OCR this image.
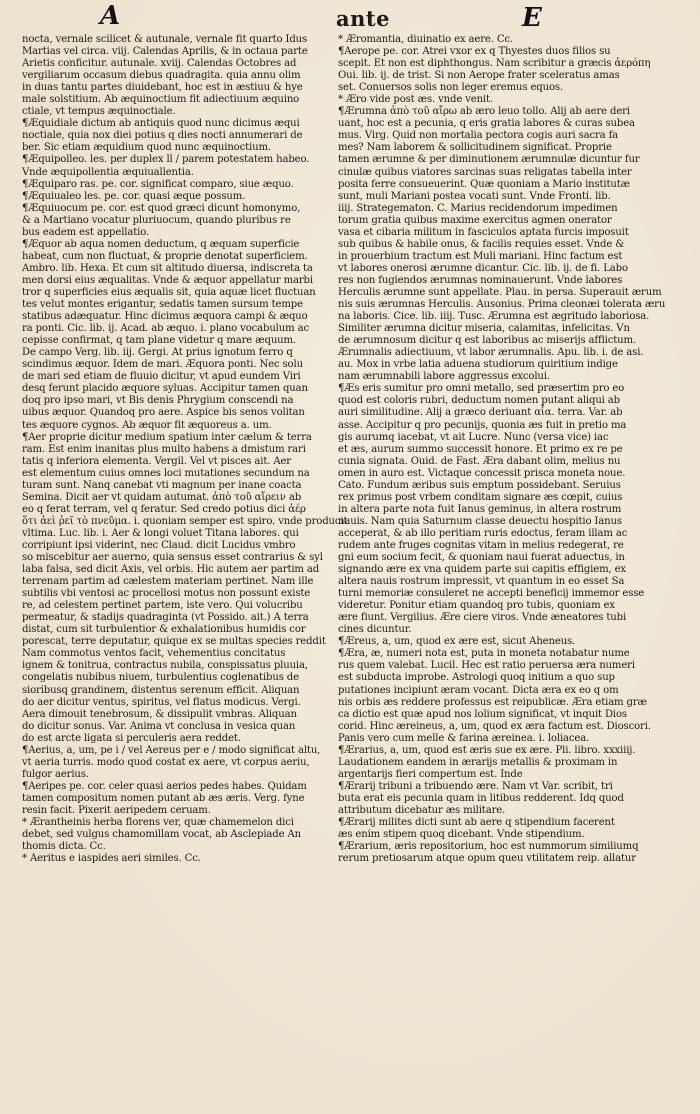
A	ante	E
nocta, vernale scilicet & autunale, vernale fit quarto Idus
Martias vel circa. viij. Calendas Aprilis, & in octaua parte
Arietis conficitur. autunale. xviij. Calendas Octobres ad
vergiliarum occasum diebus quadragita. quia annu olim
in duas tantu partes diuidebant, hoc est in æstiuu & hye
male solstitium. Ab æquinoctium fit adiectiuum æquino
ctiale, vt tempus æquinoctiale.
¶Æquidiale dictum ab antiquis quod nunc dicimus æqui
noctiale, quia nox diei potius q dies nocti annumerari de
ber. Sic etiam æquidium quod nunc æquinoctium.
¶Æquipolleo. les. per duplex ll / parem potestatem habeo.
Vnde æquipollentia æquiuallentia.
¶Æquiparo ras. pe. cor. significat comparo, siue æquo.
¶Æquiualeo les. pe. cor. quasi æque possum.
¶Æquiuocum pe. cor. est quod græci dicunt homonymo,
& a Martiano vocatur pluriuocum, quando pluribus re
bus eadem est appellatio.
¶Æquor ab aqua nomen deductum, q æquam superficie
habeat, cum non fluctuat, & proprie denotat superficiem.
Ambro. lib. Hexa. Et cum sit altitudo diuersa, indiscreta ta
men dorsi eius æqualitas. Vnde & æquor appellatur marbi
tror q superficies eius æqualis sit, quia aquæ licet fluctuan
tes velut montes erigantur, sedatis tamen sursum tempe
statibus adæquatur. Hinc dicimus æquora campi & æquo
ra ponti. Cic. lib. ij. Acad. ab æquo. i. plano vocabulum ac
cepisse confirmat, q tam plane videtur q mare æquum.
De campo Verg. lib. iij. Gergi. At prius ignotum ferro q
scindimus æquor. Idem de mari. Æquora ponti. Nec solu
de mari sed etiam de fluuio dicitur, vt apud eundem Viri
desq ferunt placido æquore syluas. Accipitur tamen quan
doq pro ipso mari, vt Bis denis Phrygium conscendi na
uibus æquor. Quandoq pro aere. Aspice bis senos volitan
tes æquore cygnos. Ab æquor fit æquoreus a. um.
¶Aer proprie dicitur medium spatium inter cælum & terra
ram. Est enim inanitas plus multo habens a dmistum rari
tatis q inferiora elementa. Vergil. Vel vt pisces ait. Aer
est elementum cuius omnes loci mutationes secundum na
turam sunt. Nanq canebat vti magnum per inane coacta
Semina. Dicit aer vt quidam autumat. ἀπὸ τοῦ αἴρειν ab
eo q ferat terram, vel q feratur. Sed credo potius dici ἀέρ
ὅτι ἀεὶ ῥεῖ τὸ πνεῦμα. i. quoniam semper est spiro. vnde producit
vltima. Luc. lib. i. Aer & longi voluet Titana labores. qui
corripiunt ipsi viderint, nec Claud. dicit Lucidus vmbro
so miscebitur aer auerno, quia sensus esset contrarius & syl
laba falsa, sed dicit Axis, vel orbis. Hic autem aer partim ad
terrenam partim ad cælestem materiam pertinet. Nam ille
subtilis vbi ventosi ac procellosi motus non possunt existe
re, ad celestem pertinet partem, iste vero. Qui volucribu
permeatur, & stadijs quadraginta (vt Possido. ait.) A terra
distat, cum sit turbulentior & exhalationibus humidis cor
porescat, terre deputatur, quique ex se multas species reddit
Nam commotus ventos facit, vehementius concitatus
ignem & tonitrua, contractus nubila, conspissatus pluuia,
congelatis nubibus niuem, turbulentius coglenatibus de
sioribusq grandinem, distentus serenum efficit. Aliquan
do aer dicitur ventus, spiritus, vel flatus modicus. Vergi.
Aera dimouit tenebrosum, & dissipulit vmbras. Aliquan
do dicitur sonus. Var. Anima vt conclusa in vesica quan
do est arcte ligata si perculeris aera reddet.
¶Aerius, a, um, pe i / vel Aereus per e / modo significat altu,
vt aeria turris. modo quod costat ex aere, vt corpus aeriu,
fulgor aerius.
¶Aeripes pe. cor. celer quasi aerios pedes habes. Quidam
tamen compositum nomen putant ab æs æris. Verg. fyne
resin facit. Pixerit aeripedem ceruam.
* Ærantheinis herba florens ver, quæ chamemelon dici
debet, sed vulgus chamomillam vocat, ab Asclepiade An
thomis dicta. Cc.
* Aeritus e iaspides aeri similes. Cc.
* Æromantia, diuinatio ex aere. Cc.
¶Aerope pe. cor. Atrei vxor ex q Thyestes duos filios su
scepit. Et non est diphthongus. Nam scribitur a græcis ἀερόπη
Oui. lib. ij. de trist. Si non Aerope frater sceleratus amas
set. Conuersos solis non leger eremus equos.
* Æro vide post æs. vnde venit.
¶Ærumna ἀπὸ τοῦ αἴρω ab æro leuo tollo. Alij ab aere deri
uant, hoc est a pecunia, q eris gratia labores & curas subea
mus. Virg. Quid non mortalia pectora cogis auri sacra fa
mes? Nam laborem & sollicitudinem significat. Proprie
tamen ærumne & per diminutionem ærumnulæ dicuntur fur
cinulæ quibus viatores sarcinas suas religatas tabella inter
posita ferre consueuerint. Quæ quoniam a Mario institutæ
sunt, muli Mariani postea vocati sunt. Vnde Fronti. lib.
iiij. Strategematon. C. Marius recidendorum impedimen
torum gratia quibus maxime exercitus agmen onerator
vasa et cibaria militum in fasciculos aptata furcis imposuit
sub quibus & habile onus, & facilis requies esset. Vnde &
in prouerbium tractum est Muli mariani. Hinc factum est
vt labores onerosi ærumne dicantur. Cic. lib. ij. de fi. Labo
res non fugiendos ærumnas nominauerunt. Vnde labores
Herculis ærumne sunt appellate. Plau. in persa. Superauit ærum
nis suis ærumnas Herculis. Ausonius. Prima cleonæi tolerata æru
na laboris. Cice. lib. iiij. Tusc. Ærumna est ægritudo laboriosa.
Similiter ærumna dicitur miseria, calamitas, infelicitas. Vn
de ærumnosum dicitur q est laboribus ac miserijs afflictum.
Ærumnalis adiectiuum, vt labor ærumnalis. Apu. lib. i. de asi.
au. Mox in vrbe latia aduena studiorum quiritium indige
nam ærumnabili labore aggressus excolui.
¶Æs eris sumitur pro omni metallo, sed præsertim pro eo
quod est coloris rubri, deductum nomen putant aliqui ab
auri similitudine. Alij a græco deriuant αἶα. terra. Var. ab
asse. Accipitur q pro pecunijs, quonia æs fuit in pretio ma
gis aurumq iacebat, vt ait Lucre. Nunc (versa vice) iac
et æs, aurum summo successit honore. Et primo ex re pe
cunia signata. Ouid. de Fast. Æra dabant olim, melius nu
omen in auro est. Victaque concessit prisca moneta noue.
Cato. Fundum æribus suis emptum possidebant. Seruius
rex primus post vrbem conditam signare æs cœpit, cuius
in altera parte nota fuit Ianus geminus, in altera rostrum
nauis. Nam quia Saturnum classe deuectu hospitio Ianus
acceperat, & ab illo peritiam ruris edoctus, feram illam ac
rudem ante fruges cognitas vitam in melius redegerat, re
gni eum socium fecit, & quoniam naui fuerat aduectus, in
signando ære ex vna quidem parte sui capitis effigiem, ex
altera nauis rostrum impressit, vt quantum in eo esset Sa
turni memoriæ consuleret ne accepti beneficij immemor esse
videretur. Ponitur etiam quandoq pro tubis, quoniam ex
ære fiunt. Vergilius. Ære ciere viros. Vnde æneatores tubi
cines dicuntur.
¶Æreus, a, um, quod ex ære est, sicut Aheneus.
¶Æra, æ, numeri nota est, puta in moneta notabatur nume
rus quem valebat. Lucil. Hec est ratio peruersa æra numeri
est subducta improbe. Astrologi quoq initium a quo sup
putationes incipiunt æram vocant. Dicta æra ex eo q om
nis orbis æs reddere professus est reipublicæ. Æra etiam græ
ca dictio est quæ apud nos lolium significat, vt inquit Dios
corid. Hinc æreineus, a, um, quod ex æra factum est. Dioscori.
Panis vero cum melle & farina æreinea. i. loliacea.
¶Ærarius, a, um, quod est æris sue ex ære. Pli. libro. xxxiiij.
Laudationem eandem in ærarijs metallis & proximam in
argentarijs fieri compertum est. Inde
¶Ærarij tribuni a tribuendo ære. Nam vt Var. scribit, tri
buta erat eis pecunia quam in litibus redderent. Idq quod
attributum dicebatur æs militare.
¶Ærarij milites dicti sunt ab aere q stipendium facerent
æs enim stipem quoq dicebant. Vnde stipendium.
¶Ærarium, æris repositorium, hoc est nummorum similiumq
rerum pretiosarum atque opum queu vtilitatem reip. allatur
